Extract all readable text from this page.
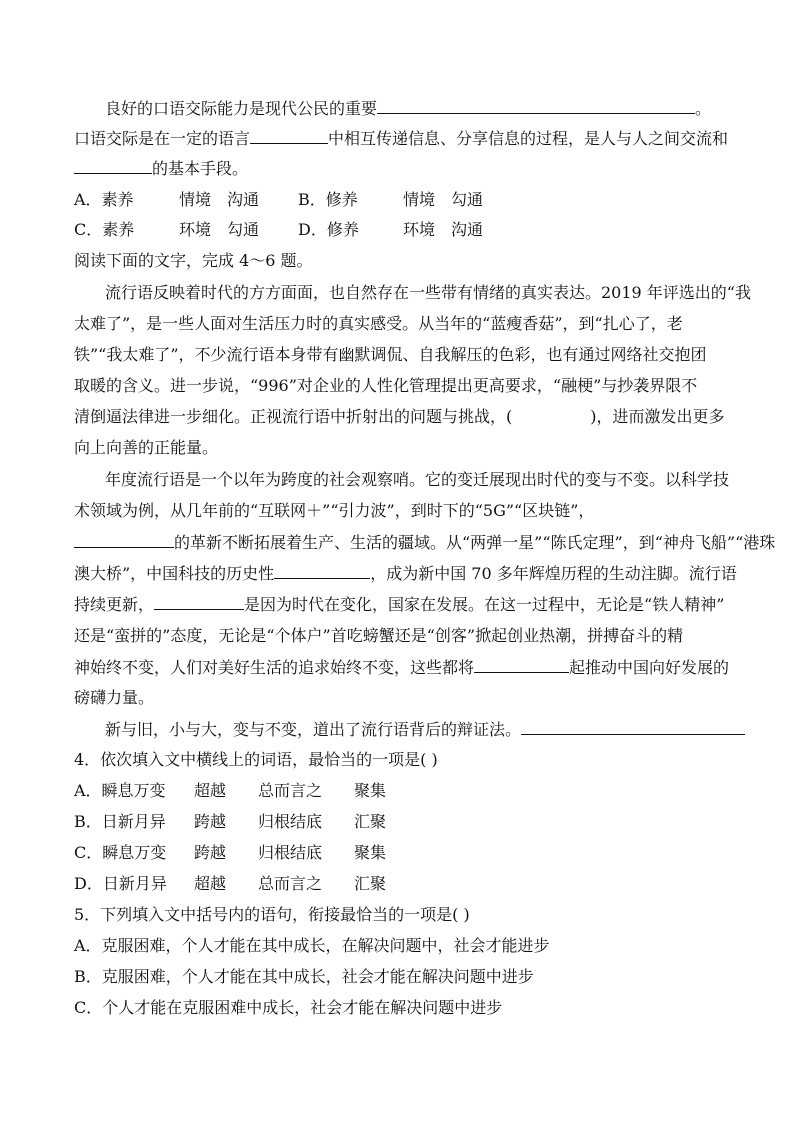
良好的口语交际能力是现代公民的重要	。
口语交际是在一定的语言	中相互传递信息、分享信息的过程，是人与人之间交流和
的基本手段。
A．素养	情境 沟通 B．修养	情境 勾通
C．素养	环境 勾通 D．修养	环境 沟通
阅读下面的文字，完成 4～6 题。
流行语反映着时代的方方面面，也自然存在一些带有情绪的真实表达。2019 年评选出的“我
太难了”，是一些人面对生活压力时的真实感受。从当年的“蓝瘦香菇”，到“扎心了，老
铁”“我太难了”，不少流行语本身带有幽默调侃、自我解压的色彩，也有通过网络社交抱团
取暖的含义。进一步说，“996”对企业的人性化管理提出更高要求，“融梗”与抄袭界限不
清倒逼法律进一步细化。正视流行语中折射出的问题与挑战，(	)，进而激发出更多
向上向善的正能量。
年度流行语是一个以年为跨度的社会观察哨。它的变迁展现出时代的变与不变。以科学技
术领域为例，从几年前的“互联网＋”“引力波”，到时下的“5G”“区块链”，
的革新不断拓展着生产、生活的疆域。从“两弹一星”“陈氏定理”，到“神舟飞船”“港珠
澳大桥”，中国科技的历史性	，成为新中国 70 多年辉煌历程的生动注脚。流行语
持续更新，	是因为时代在变化，国家在发展。在这一过程中，无论是“铁人精神”
还是“蛮拼的”态度，无论是“个体户”首吃螃蟹还是“创客”掀起创业热潮，拼搏奋斗的精
神始终不变，人们对美好生活的追求始终不变，这些都将	起推动中国向好发展的
磅礴力量。
新与旧，小与大，变与不变，道出了流行语背后的辩证法。
4．依次填入文中横线上的词语，最恰当的一项是( )
A．瞬息万变 超越 总而言之 聚集
B．日新月异 跨越 归根结底 汇聚
C．瞬息万变 跨越 归根结底 聚集
D．日新月异 超越 总而言之 汇聚
5．下列填入文中括号内的语句，衔接最恰当的一项是( )
A．克服困难，个人才能在其中成长，在解决问题中，社会才能进步
B．克服困难，个人才能在其中成长，社会才能在解决问题中进步
C．个人才能在克服困难中成长，社会才能在解决问题中进步
